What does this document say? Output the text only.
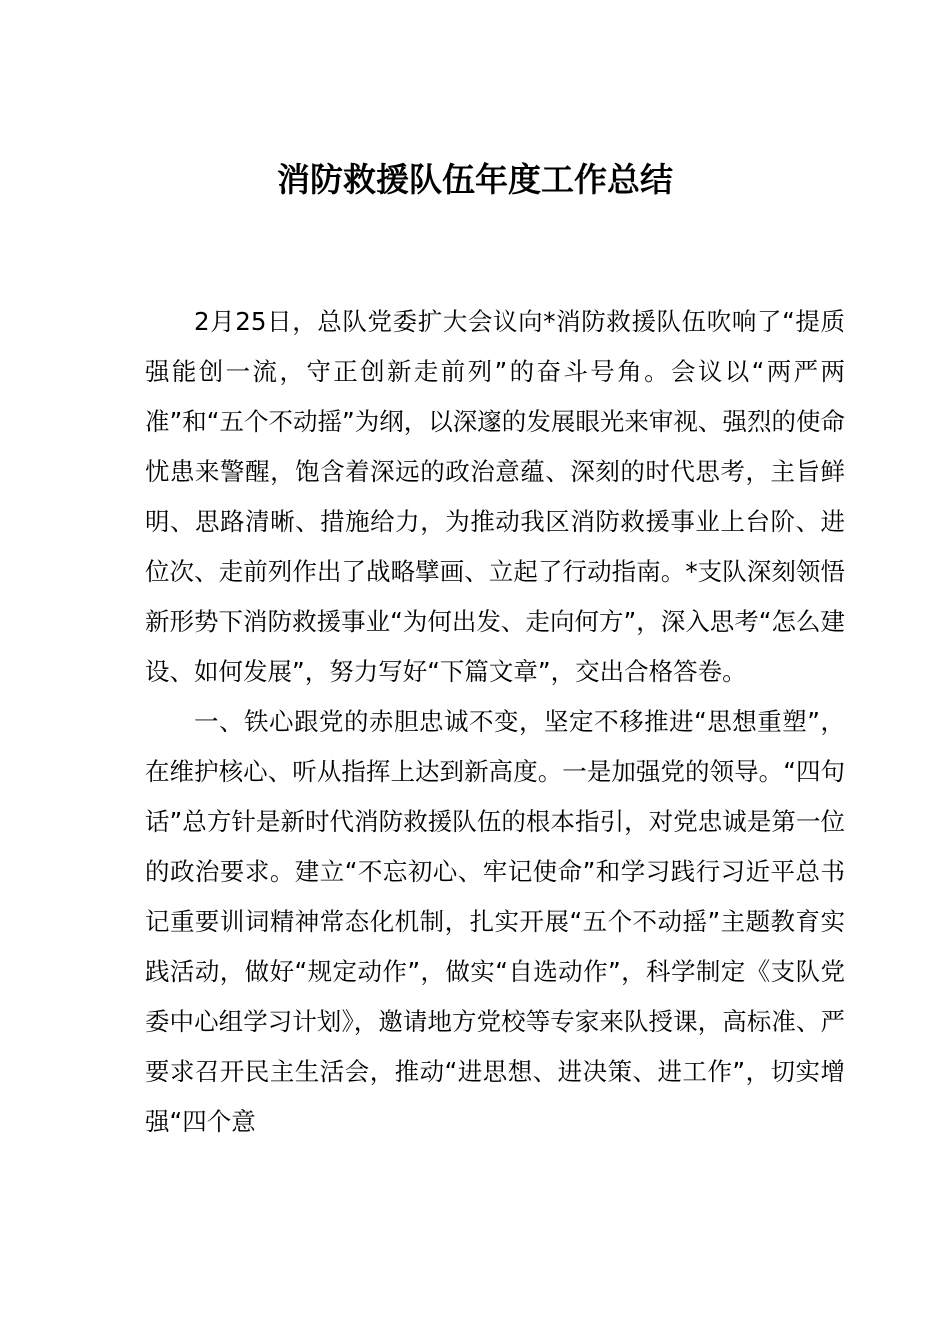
消防救援队伍年度工作总结

2月25日，总队党委扩大会议向*消防救援队伍吹响了“提质强能创一流，守正创新走前列”的奋斗号角。会议以“两严两准”和“五个不动摇”为纲，以深邃的发展眼光来审视、强烈的使命忧患来警醒，饱含着深远的政治意蕴、深刻的时代思考，主旨鲜明、思路清晰、措施给力，为推动我区消防救援事业上台阶、进位次、走前列作出了战略擘画、立起了行动指南。*支队深刻领悟新形势下消防救援事业“为何出发、走向何方”，深入思考“怎么建设、如何发展”，努力写好“下篇文章”，交出合格答卷。

一、铁心跟党的赤胆忠诚不变，坚定不移推进“思想重塑”，在维护核心、听从指挥上达到新高度。一是加强党的领导。“四句话”总方针是新时代消防救援队伍的根本指引，对党忠诚是第一位的政治要求。建立“不忘初心、牢记使命”和学习践行习近平总书记重要训词精神常态化机制，扎实开展“五个不动摇”主题教育实践活动，做好“规定动作”，做实“自选动作”，科学制定《支队党委中心组学习计划》，邀请地方党校等专家来队授课，高标准、严要求召开民主生活会，推动“进思想、进决策、进工作”，切实增强“四个意
